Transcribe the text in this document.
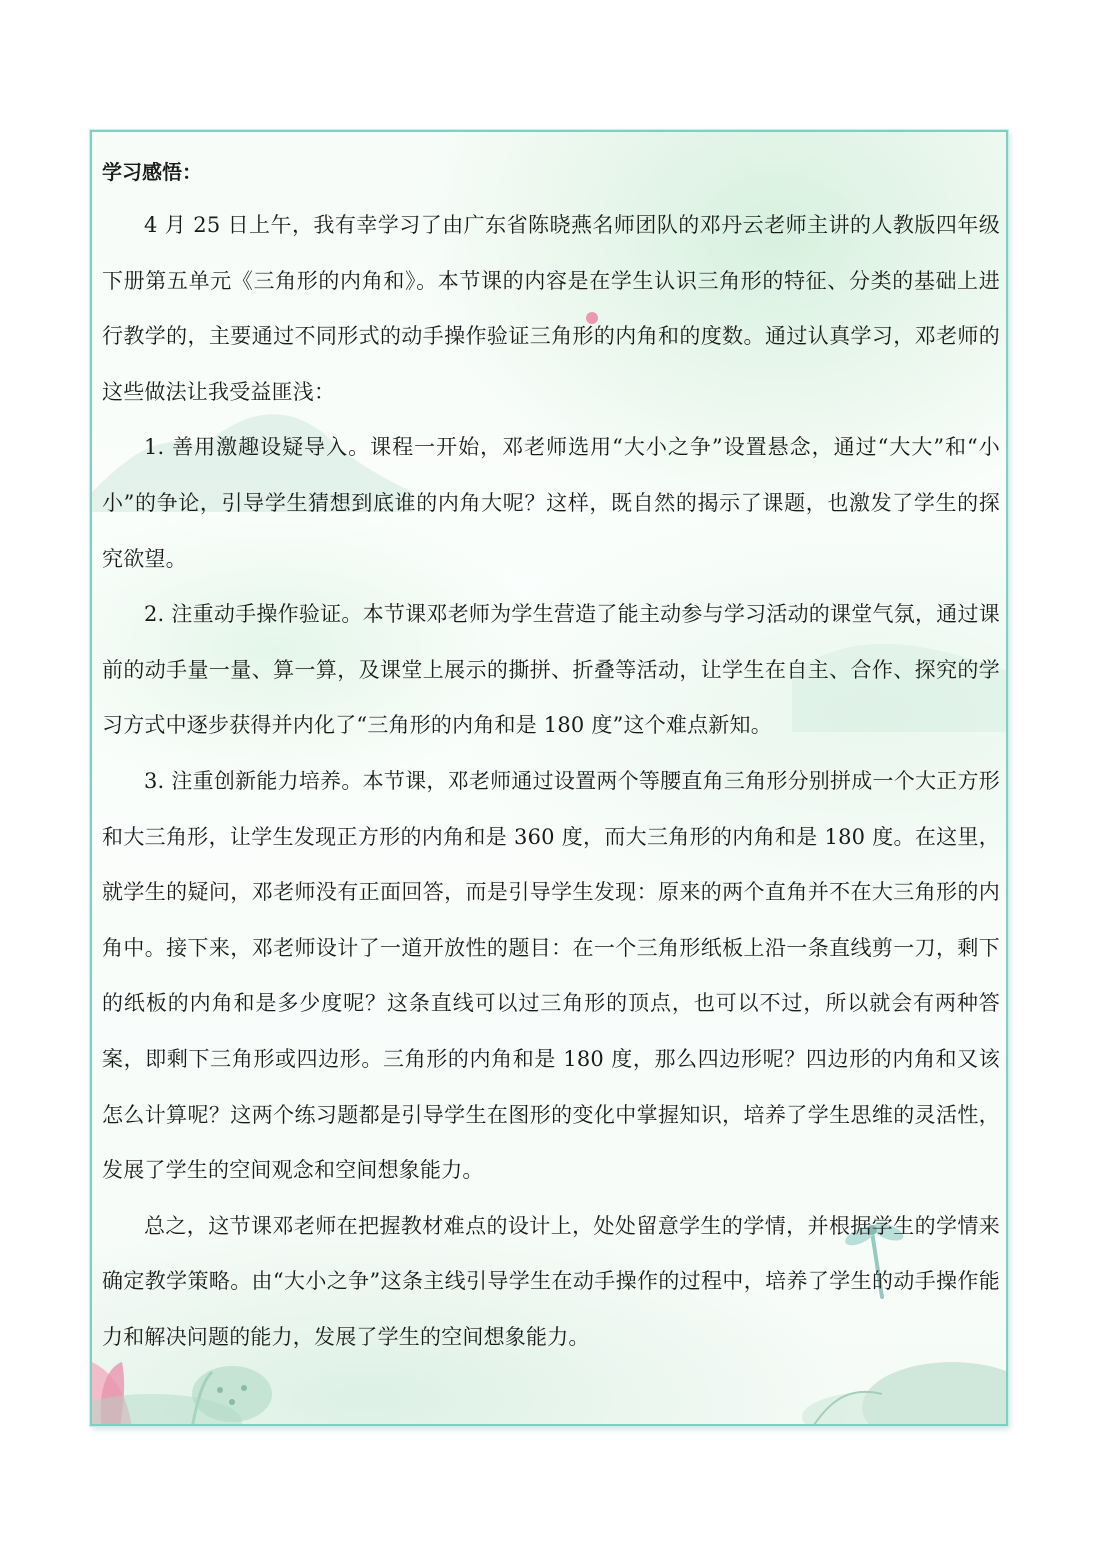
学习感悟：

4 月 25 日上午，我有幸学习了由广东省陈晓燕名师团队的邓丹云老师主讲的人教版四年级下册第五单元《三角形的内角和》。本节课的内容是在学生认识三角形的特征、分类的基础上进行教学的，主要通过不同形式的动手操作验证三角形的内角和的度数。通过认真学习，邓老师的这些做法让我受益匪浅：

1. 善用激趣设疑导入。课程一开始，邓老师选用“大小之争”设置悬念，通过“大大”和“小小”的争论，引导学生猜想到底谁的内角大呢？这样，既自然的揭示了课题，也激发了学生的探究欲望。

2. 注重动手操作验证。本节课邓老师为学生营造了能主动参与学习活动的课堂气氛，通过课前的动手量一量、算一算，及课堂上展示的撕拼、折叠等活动，让学生在自主、合作、探究的学习方式中逐步获得并内化了“三角形的内角和是 180 度”这个难点新知。

3. 注重创新能力培养。本节课，邓老师通过设置两个等腰直角三角形分别拼成一个大正方形和大三角形，让学生发现正方形的内角和是 360 度，而大三角形的内角和是 180 度。在这里，就学生的疑问，邓老师没有正面回答，而是引导学生发现：原来的两个直角并不在大三角形的内角中。接下来，邓老师设计了一道开放性的题目：在一个三角形纸板上沿一条直线剪一刀，剩下的纸板的内角和是多少度呢？这条直线可以过三角形的顶点，也可以不过，所以就会有两种答案，即剩下三角形或四边形。三角形的内角和是 180 度，那么四边形呢？四边形的内角和又该怎么计算呢？这两个练习题都是引导学生在图形的变化中掌握知识，培养了学生思维的灵活性，发展了学生的空间观念和空间想象能力。

总之，这节课邓老师在把握教材难点的设计上，处处留意学生的学情，并根据学生的学情来确定教学策略。由“大小之争”这条主线引导学生在动手操作的过程中，培养了学生的动手操作能力和解决问题的能力，发展了学生的空间想象能力。
